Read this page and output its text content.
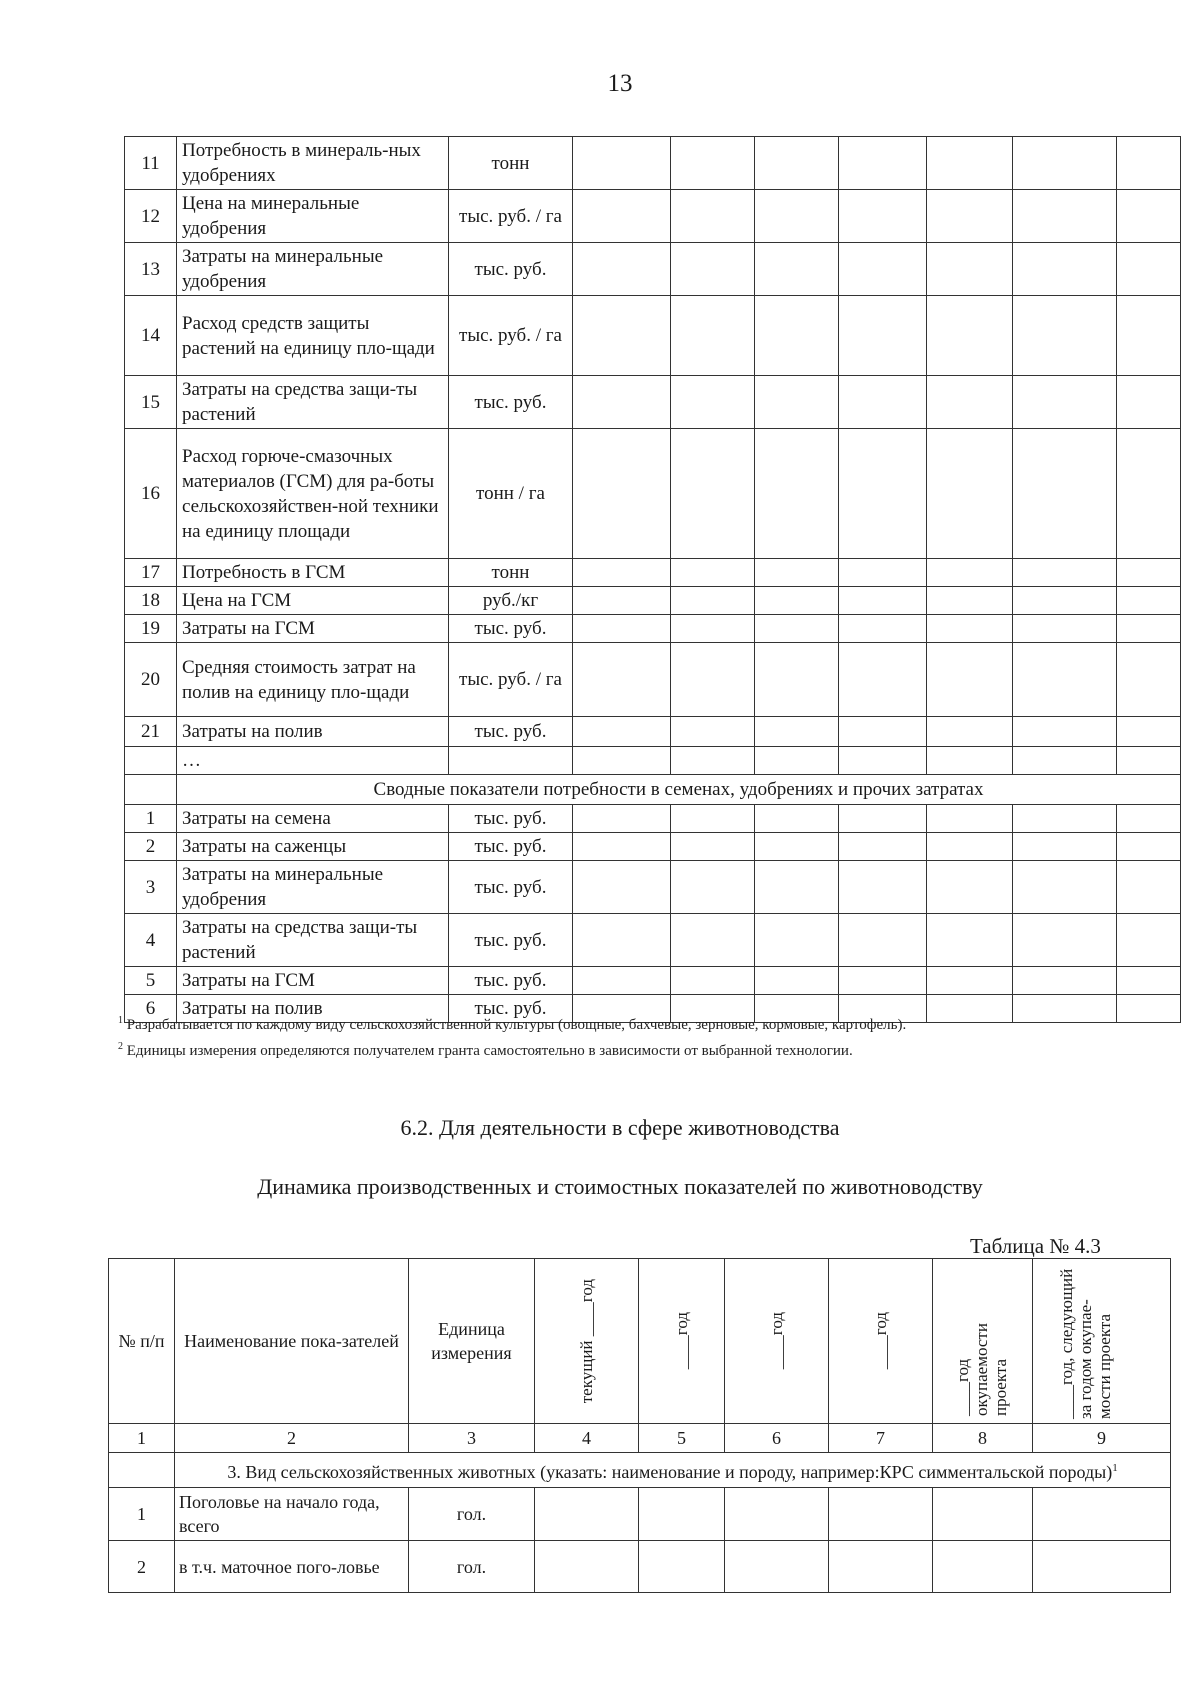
13
11	Потребность в минераль-ных удобрениях	тонн							
12	Цена на минеральные удобрения	тыс. руб. / га							
13	Затраты на минеральные удобрения	тыс. руб.							
14	Расход средств защиты растений на единицу пло-щади	тыс. руб. / га							
15	Затраты на средства защи-ты растений	тыс. руб.							
16	Расход горюче-смазочных материалов (ГСМ) для ра-боты сельскохозяйствен-ной техники на единицу площади	тонн / га							
17	Потребность в ГСМ	тонн							
18	Цена на ГСМ	руб./кг							
19	Затраты на ГСМ	тыс. руб.							
20	Средняя стоимость затрат на полив на единицу пло-щади	тыс. руб. / га							
21	Затраты на полив	тыс. руб.							
	…								
	Сводные показатели потребности в семенах, удобрениях и прочих затратах								
1	Затраты на семена	тыс. руб.							
2	Затраты на саженцы	тыс. руб.							
3	Затраты на минеральные удобрения	тыс. руб.							
4	Затраты на средства защи-ты растений	тыс. руб.							
5	Затраты на ГСМ	тыс. руб.							
6	Затраты на полив	тыс. руб.							
$^1$ Разрабатывается по каждому виду сельскохозяйственной культуры (овощные, бахчевые, зерновые, кормовые, картофель).
$^2$ Единицы измерения определяются получателем гранта самостоятельно в зависимости от выбранной технологии.
6.2. Для деятельности в сфере животноводства
Динамика производственных и стоимостных показателей по животноводству
Таблица № 4.3
№ п/п	Наименование пока-зателей	Единица измерения	текущий ____год	____год	____год	____год	____год окупаемости проекта	____год, следующий за годом окупае-мости проекта

1	2	3	4	5	6	7	8	9
	3. Вид сельскохозяйственных животных (указать: наименование и породу, например:КРС симментальской породы)$^1$
1	Поголовье на начало года, всего	гол.						
2	в т.ч. маточное пого-ловье	гол.						
